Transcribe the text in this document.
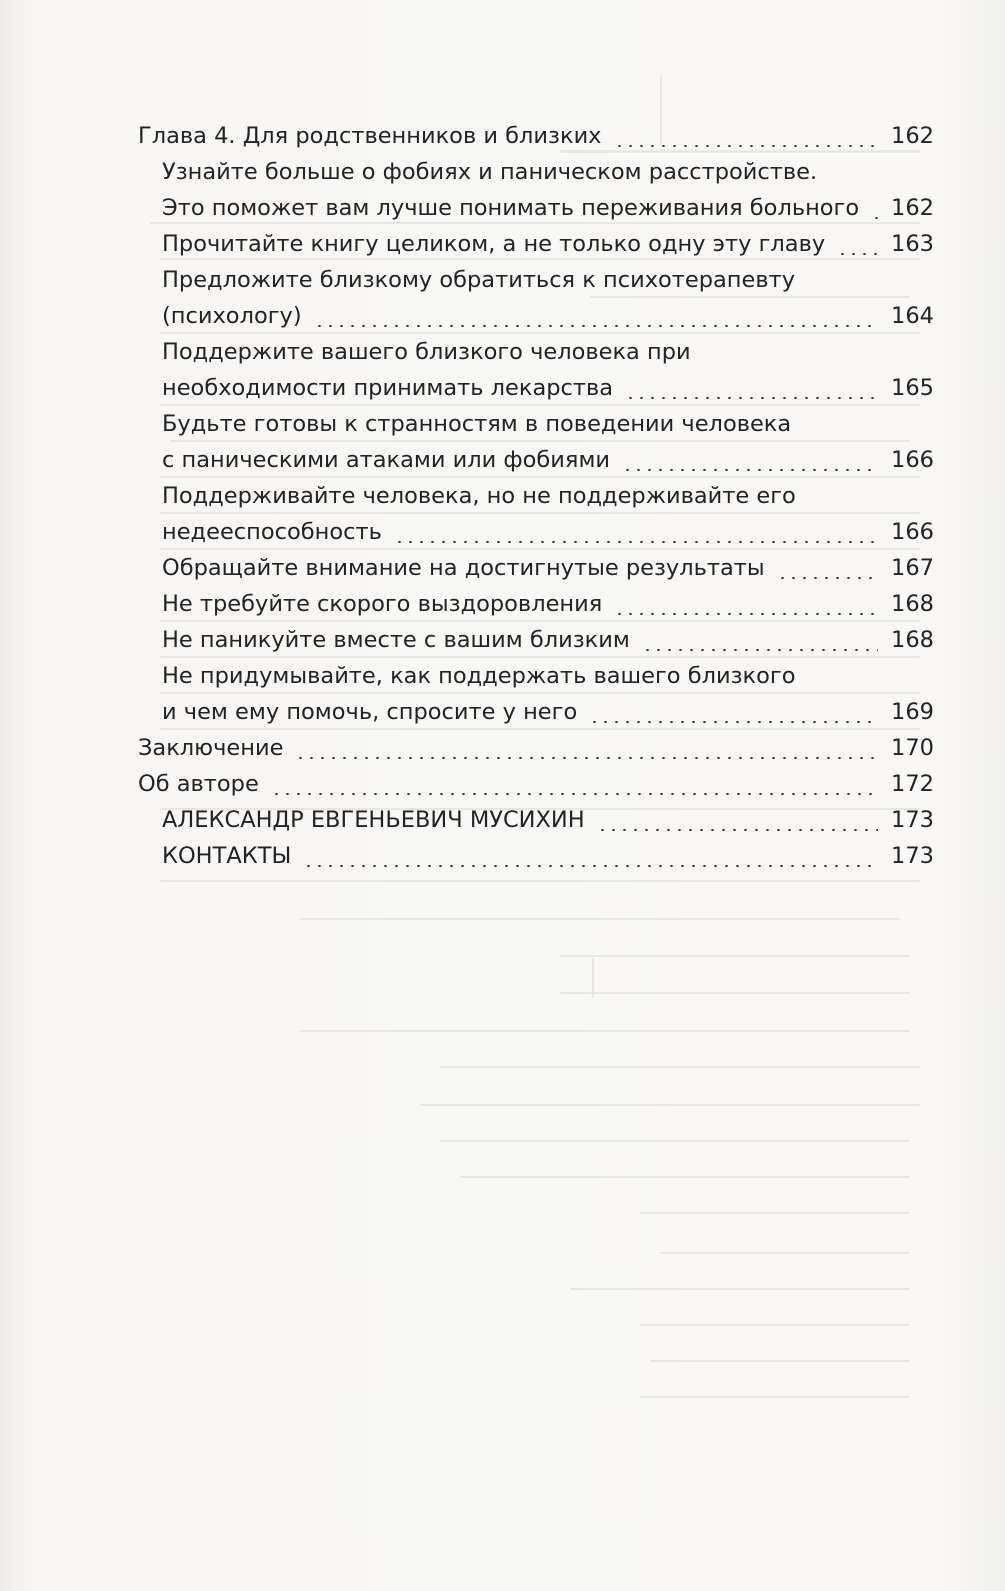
Глава 4. Для родственников и близких	162
Узнайте больше о фобиях и паническом расстройстве.
Это поможет вам лучше понимать переживания больного 162
Прочитайте книгу целиком, а не только одну эту главу	163
Предложите близкому обратиться к психотерапевту
(психологу)	164
Поддержите вашего близкого человека при
необходимости принимать лекарства	165
Будьте готовы к странностям в поведении человека
с паническими атаками или фобиями	166
Поддерживайте человека, но не поддерживайте его
недееспособность	166
Обращайте внимание на достигнутые результаты	167
Не требуйте скорого выздоровления	168
Не паникуйте вместе с вашим близким	168
Не придумывайте, как поддержать вашего близкого
и чем ему помочь, спросите у него	169
Заключение	170
Об авторе	172
АЛЕКСАНДР ЕВГЕНЬЕВИЧ МУСИХИН	173
КОНТАКТЫ	173
